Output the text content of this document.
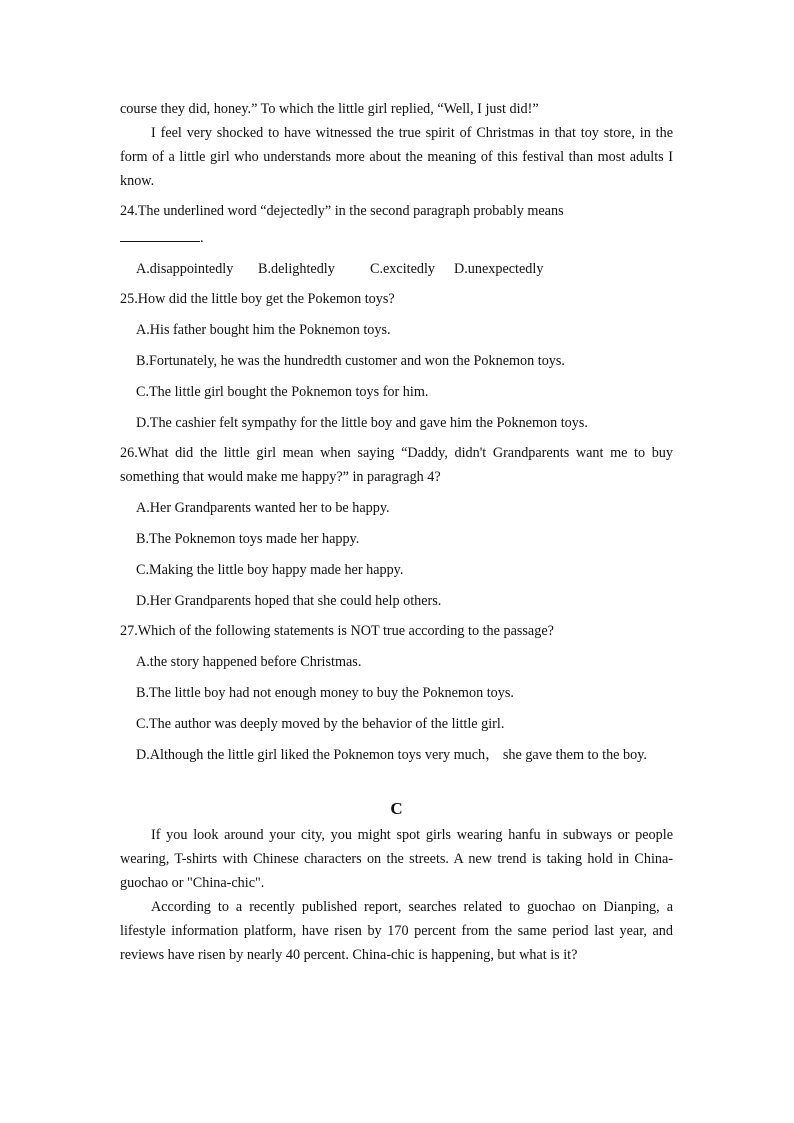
course they did, honey.” To which the little girl replied, “Well, I just did!”

I feel very shocked to have witnessed the true spirit of Christmas in that toy store, in the form of a little girl who understands more about the meaning of this festival than most adults I know.

24.The underlined word “dejectedly” in the second paragraph probably means

.

A.disappointedly B.delightedly C.excitedly D.unexpectedly

25.How did the little boy get the Pokemon toys?

A.His father bought him the Poknemon toys.

B.Fortunately, he was the hundredth customer and won the Poknemon toys.

C.The little girl bought the Poknemon toys for him.

D.The cashier felt sympathy for the little boy and gave him the Poknemon toys.

26.What did the little girl mean when saying “Daddy, didn't Grandparents want me to buy something that would make me happy?” in paragragh 4?

A.Her Grandparents wanted her to be happy.

B.The Poknemon toys made her happy.

C.Making the little boy happy made her happy.

D.Her Grandparents hoped that she could help others.

27.Which of the following statements is NOT true according to the passage?

A.the story happened before Christmas.

B.The little boy had not enough money to buy the Poknemon toys.

C.The author was deeply moved by the behavior of the little girl.

D.Although the little girl liked the Poknemon toys very much， she gave them to the boy.

C

If you look around your city, you might spot girls wearing hanfu in subways or people wearing, T-shirts with Chinese characters on the streets. A new trend is taking hold in China-guochao or "China-chic".

According to a recently published report, searches related to guochao on Dianping, a lifestyle information platform, have risen by 170 percent from the same period last year, and reviews have risen by nearly 40 percent. China-chic is happening, but what is it?
